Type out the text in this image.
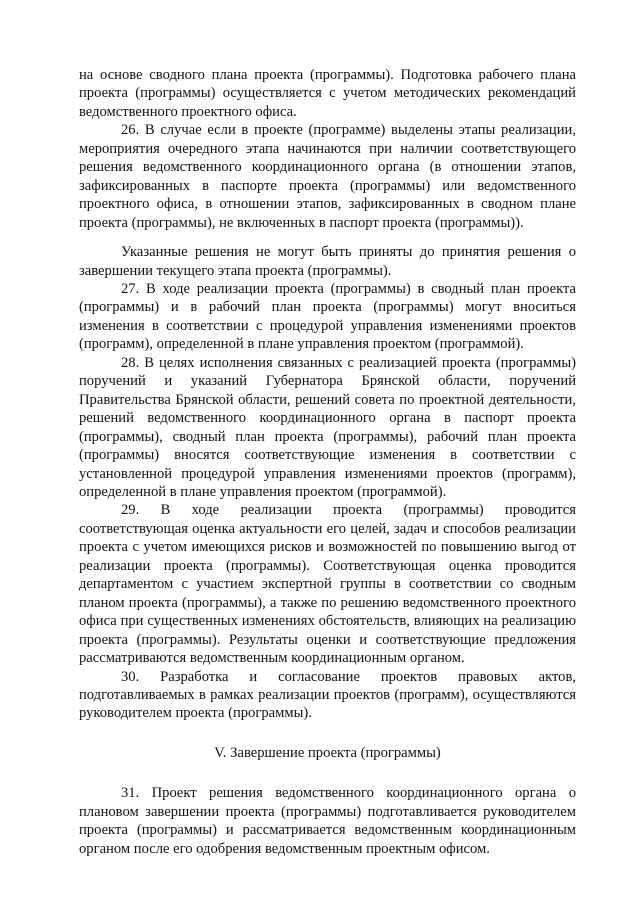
на основе сводного плана проекта (программы). Подготовка рабочего плана проекта (программы) осуществляется с учетом методических рекомендаций ведомственного проектного офиса.

26. В случае если в проекте (программе) выделены этапы реализации, мероприятия очередного этапа начинаются при наличии соответствующего решения ведомственного координационного органа (в отношении этапов, зафиксированных в паспорте проекта (программы) или ведомственного проектного офиса, в отношении этапов, зафиксированных в сводном плане проекта (программы), не включенных в паспорт проекта (программы)).

Указанные решения не могут быть приняты до принятия решения о завершении текущего этапа проекта (программы).

27. В ходе реализации проекта (программы) в сводный план проекта (программы) и в рабочий план проекта (программы) могут вноситься изменения в соответствии с процедурой управления изменениями проектов (программ), определенной в плане управления проектом (программой).

28. В целях исполнения связанных с реализацией проекта (программы) поручений и указаний Губернатора Брянской области, поручений Правительства Брянской области, решений совета по проектной деятельности, решений ведомственного координационного органа в паспорт проекта (программы), сводный план проекта (программы), рабочий план проекта (программы) вносятся соответствующие изменения в соответствии с установленной процедурой управления изменениями проектов (программ), определенной в плане управления проектом (программой).

29. В ходе реализации проекта (программы) проводится соответствующая оценка актуальности его целей, задач и способов реализации проекта с учетом имеющихся рисков и возможностей по повышению выгод от реализации проекта (программы). Соответствующая оценка проводится департаментом с участием экспертной группы в соответствии со сводным планом проекта (программы), а также по решению ведомственного проектного офиса при существенных изменениях обстоятельств, влияющих на реализацию проекта (программы). Результаты оценки и соответствующие предложения рассматриваются ведомственным координационным органом.

30. Разработка и согласование проектов правовых актов, подготавливаемых в рамках реализации проектов (программ), осуществляются руководителем проекта (программы).

V. Завершение проекта (программы)

31. Проект решения ведомственного координационного органа о плановом завершении проекта (программы) подготавливается руководителем проекта (программы) и рассматривается ведомственным координационным органом после его одобрения ведомственным проектным офисом.
